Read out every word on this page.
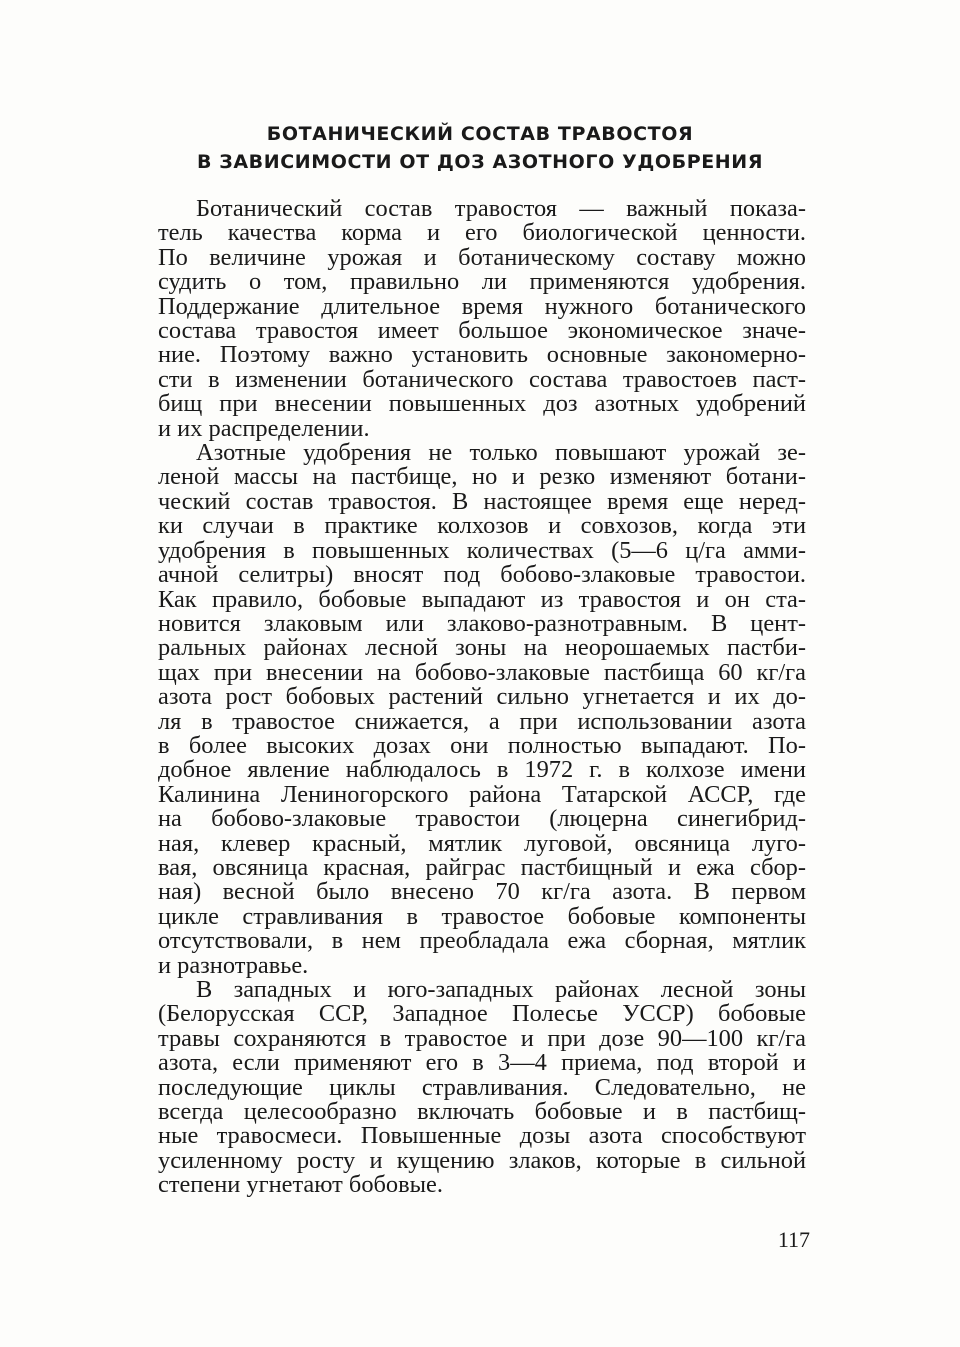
БОТАНИЧЕСКИЙ СОСТАВ ТРАВОСТОЯ
В ЗАВИСИМОСТИ ОТ ДОЗ АЗОТНОГО УДОБРЕНИЯ

Ботанический состав травостоя — важный показа-
тель качества корма и его биологической ценности.
По величине урожая и ботаническому составу можно
судить о том, правильно ли применяются удобрения.
Поддержание длительное время нужного ботанического
состава травостоя имеет большое экономическое значе-
ние. Поэтому важно установить основные закономерно-
сти в изменении ботанического состава травостоев паст-
бищ при внесении повышенных доз азотных удобрений
и их распределении.

Азотные удобрения не только повышают урожай зе-
леной массы на пастбище, но и резко изменяют ботани-
ческий состав травостоя. В настоящее время еще неред-
ки случаи в практике колхозов и совхозов, когда эти
удобрения в повышенных количествах (5—6 ц/га амми-
ачной селитры) вносят под бобово-злаковые травостои.
Как правило, бобовые выпадают из травостоя и он ста-
новится злаковым или злаково-разнотравным. В цент-
ральных районах лесной зоны на неорошаемых пастби-
щах при внесении на бобово-злаковые пастбища 60 кг/га
азота рост бобовых растений сильно угнетается и их до-
ля в травостое снижается, а при использовании азота
в более высоких дозах они полностью выпадают. По-
добное явление наблюдалось в 1972 г. в колхозе имени
Калинина Лениногорского района Татарской АССР, где
на бобово-злаковые травостои (люцерна синегибрид-
ная, клевер красный, мятлик луговой, овсяница луго-
вая, овсяница красная, райграс пастбищный и ежа сбор-
ная) весной было внесено 70 кг/га азота. В первом
цикле стравливания в травостое бобовые компоненты
отсутствовали, в нем преобладала ежа сборная, мятлик
и разнотравье.

В западных и юго-западных районах лесной зоны
(Белорусская ССР, Западное Полесье УССР) бобовые
травы сохраняются в травостое и при дозе 90—100 кг/га
азота, если применяют его в 3—4 приема, под второй и
последующие циклы стравливания. Следовательно, не
всегда целесообразно включать бобовые и в пастбищ-
ные травосмеси. Повышенные дозы азота способствуют
усиленному росту и кущению злаков, которые в сильной
степени угнетают бобовые.

117
